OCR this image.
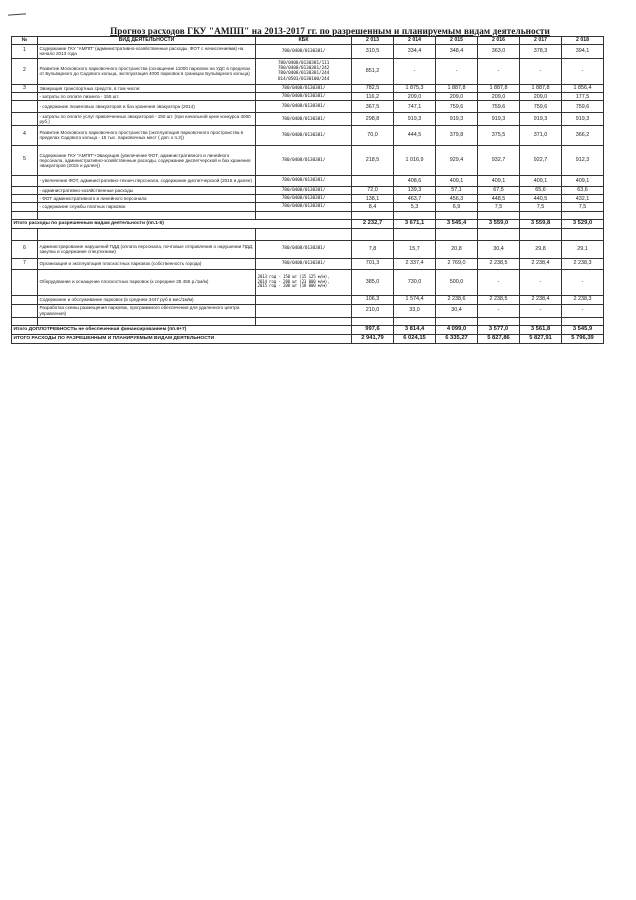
Прогноз расходов ГКУ "АМПП" на 2013-2017 гг. по разрешенным и планируемым видам деятельности
№	ВИД ДЕЯТЕЛЬНОСТИ	КБК	2 013	2 014	2 015	2 016	2 017	2 018
1	Содержание ГКУ "АМПП" (административно-хозяйственные расходы, ФОТ с начислениями) на начало 2013 года	780/0408/0130381/	310,5	334,4	348,4	363,0	378,3	394,1
2	Развитие Московского парковочного пространства (оснащение 11000 парковок на УДС в пределах от Бульварного до Садового кольца, эксплуатация 4000 парковок в границах Бульварного кольца)	780/0408/0130381/111
780/0408/0130381/242
780/0408/0130381/244
814/0503/0130100/244	851,2	-	-	-	-	-
3	Эвакуация транспортных средств, в том числе:	780/0408/0130381/	782,5	1 875,3	1 887,8	1 887,8	1 887,8	1 856,4
	- затраты по оплате лизинга - 155 шт.	780/0408/0130381/	116,2	209,0	209,0	209,0	209,0	177,5
	- содержание лизинговых эвакуаторов и баз хранения эвакуатора (2014)	780/0408/0130381/	367,5	747,1	759,6	759,6	759,6	759,6
	- затраты по оплате услуг привлеченных эвакуаторов - 150 шт. (при начальной цене конкурса 4000 руб.)	780/0408/0130381/	298,8	919,3	919,3	919,3	919,3	919,3
4	Развитие Московского парковочного пространства (эксплуатация парковочного пространства в пределах Садового кольца - 15 тыс. парковочных мест ( доп. к п.2))	780/0408/0130381/	70,0	444,5	379,8	375,5	371,0	366,2
5	Содержание ГКУ "АМПП"+Эвакуация (увеличение ФОТ, административного и линейного персонала, административно-хозяйственные расходы, содержание диспетчерской и баз хранения эвакуаторов (2015 и далее))	780/0408/0130381/	218,5	1 016,9	929,4	932,7	922,7	912,3
	- увеличение ФОТ, административно-технич.персонала, содержание диспетчерской (2015 и далее)	780/0408/0130381/		408,6	409,1	409,1	409,1	409,1
	- административно-хозяйственные расходы	780/0408/0130381/	72,0	139,3	57,1	67,5	65,6	63,6
	- ФОТ административного и линейного персонала	780/0408/0130381/	138,1	463,7	456,3	448,5	440,5	432,1
	- содержание службы платных парковок	780/0408/0130381/	8,4	5,3	6,9	7,5	7,5	7,5

Итого расходы по разрешенным видам деятельности (пп.1-5)			2 232,7	3 671,1	3 545,4	3 559,0	3 559,8	3 529,0

6	Администрирование нарушений ПДД (оплата персонала, почтовые отправления о нарушении ПДД, закупка и содержание спецтехники)	780/0408/0130381/	7,8	15,7	20,8	30,4	29,8	29,1
7	Организация и эксплуатация плоскостных парковок (собственность города)	780/0408/0130381/	701,3	2 337,4	2 769,0	2 238,5	2 238,4	2 238,3
	Оборудование и оснащение плоскостных парковок (к середине 25 455 р./1м/м)	2013 год - 150 шт (15 125 м/м),
2014 год - 280 шт (23 000 м/м),
2015 год - 200 шт (18 000 м/м)	385,0	730,0	500,0	-	-	-
	Содержание и обслуживание парковок (в среднем 3447 руб в мес/1м/м)		106,3	1 574,4	2 238,6	2 238,5	2 238,4	2 238,3
	Разработка схемы размещения парковок, программного обеспечения для удаленного центра управления)		210,0	33,0	30,4	-	-	-

Итого ДОПЛОТРЕБНОСТЬ не обеспеченная финансированием (пп.6+7)			997,6	3 814,4	4 099,0	3 577,0	3 561,8	3 545,9
ИТОГО РАСХОДЫ ПО РАЗРЕШЕННЫМ И ПЛАНИРУЕМЫМ ВИДАМ ДЕЯТЕЛЬНОСТИ			2 941,79	6 024,15	6 335,27	5 827,86	5 827,91	5 796,39
